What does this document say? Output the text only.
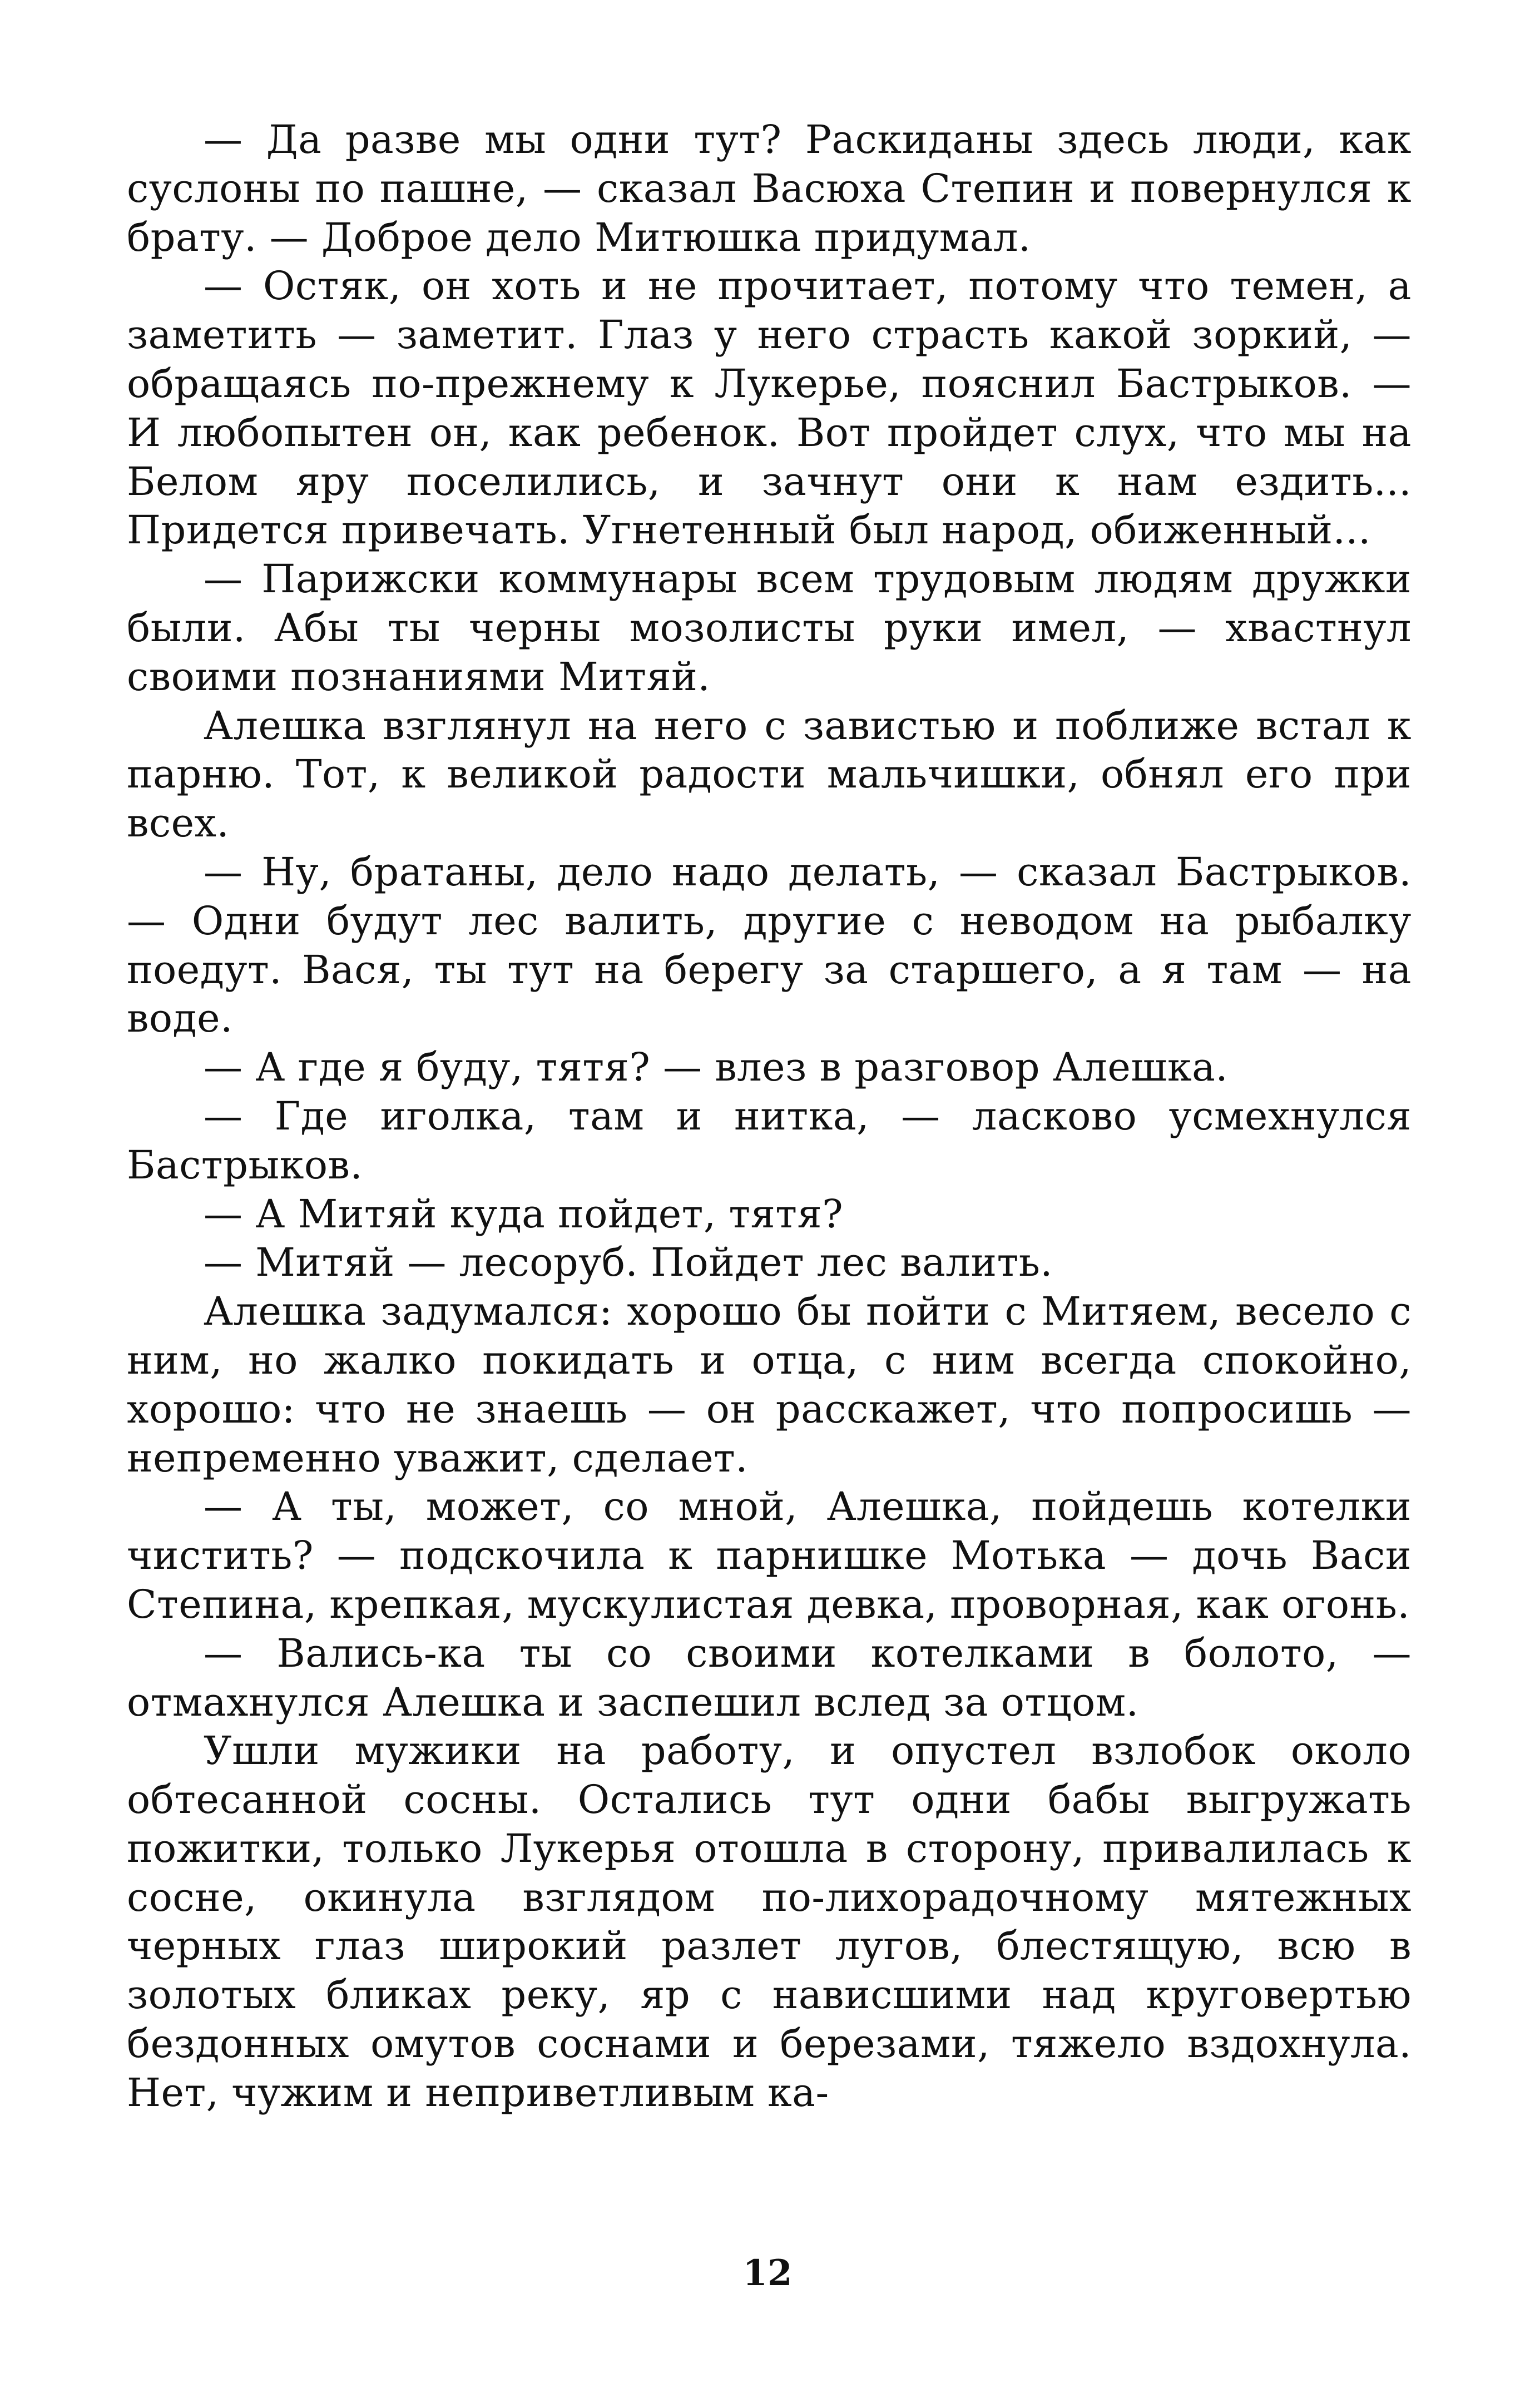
— Да разве мы одни тут? Раскиданы здесь люди, как суслоны по пашне, — сказал Васюха Степин и повернулся к брату. — Доброе дело Митюшка придумал.

— Остяк, он хоть и не прочитает, потому что темен, а заметить — заметит. Глаз у него страсть какой зоркий, — обращаясь по-прежнему к Лукерье, пояснил Бастрыков. — И любопытен он, как ребенок. Вот пройдет слух, что мы на Белом яру поселились, и зачнут они к нам ездить... Придется привечать. Угнетенный был народ, обиженный...

— Парижски коммунары всем трудовым людям дружки были. Абы ты черны мозолисты руки имел, — хвастнул своими познаниями Митяй.

Алешка взглянул на него с завистью и поближе встал к парню. Тот, к великой радости мальчишки, обнял его при всех.

— Ну, братаны, дело надо делать, — сказал Бастрыков. — Одни будут лес валить, другие с неводом на рыбалку поедут. Вася, ты тут на берегу за старшего, а я там — на воде.

— А где я буду, тятя? — влез в разговор Алешка.

— Где иголка, там и нитка, — ласково усмехнулся Бастрыков.

— А Митяй куда пойдет, тятя?

— Митяй — лесоруб. Пойдет лес валить.

Алешка задумался: хорошо бы пойти с Митяем, весело с ним, но жалко покидать и отца, с ним всегда спокойно, хорошо: что не знаешь — он расскажет, что попросишь — непременно уважит, сделает.

— А ты, может, со мной, Алешка, пойдешь котелки чистить? — подскочила к парнишке Мотька — дочь Васи Степина, крепкая, мускулистая девка, проворная, как огонь.

— Вались-ка ты со своими котелками в болото, — отмахнулся Алешка и заспешил вслед за отцом.

Ушли мужики на работу, и опустел взлобок около обтесанной сосны. Остались тут одни бабы выгружать пожитки, только Лукерья отошла в сторону, привалилась к сосне, окинула взглядом по-лихорадочному мятежных черных глаз широкий разлет лугов, блестящую, всю в золотых бликах реку, яр с нависшими над круговертью бездонных омутов соснами и березами, тяжело вздохнула. Нет, чужим и неприветливым ка-

12
